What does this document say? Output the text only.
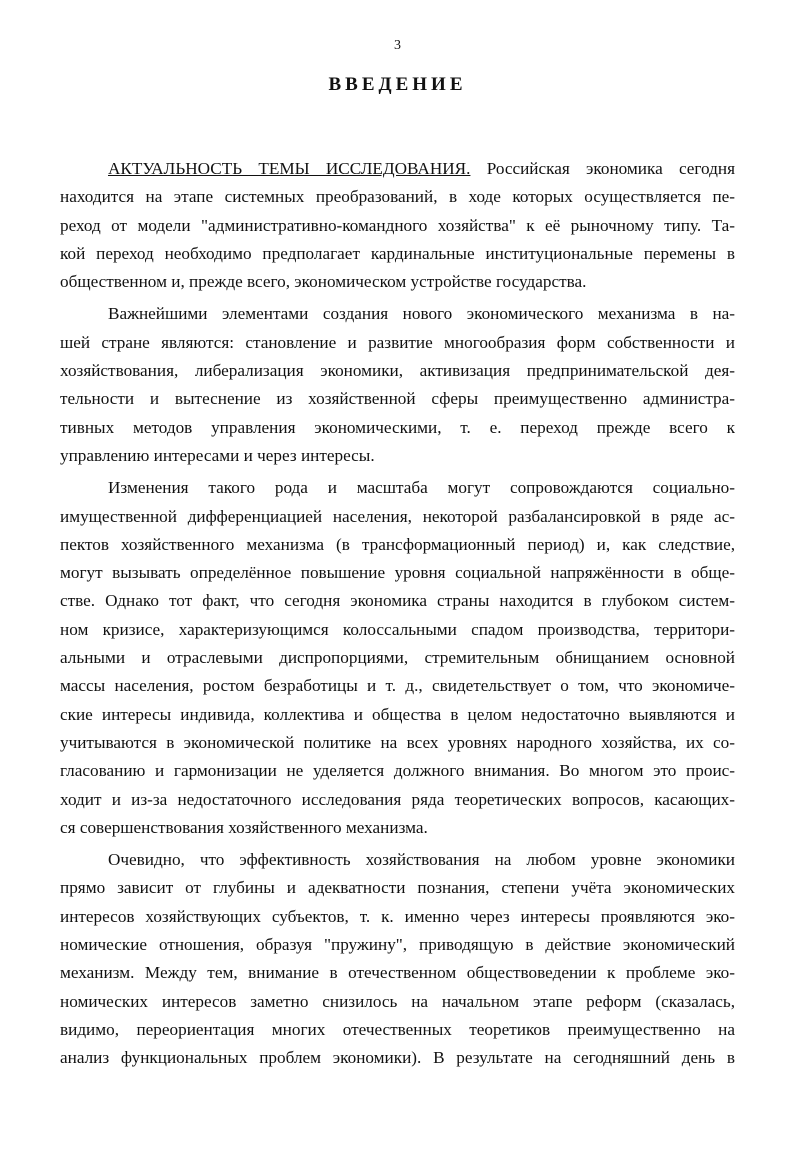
3
ВВЕДЕНИЕ
АКТУАЛЬНОСТЬ ТЕМЫ ИССЛЕДОВАНИЯ. Российская экономика сегодня
находится на этапе системных преобразований, в ходе которых осуществляется пе-
реход от модели "административно-командного хозяйства" к её рыночному типу. Та-
кой переход необходимо предполагает кардинальные институциональные перемены в
общественном и, прежде всего, экономическом устройстве государства.
Важнейшими элементами создания нового экономического механизма в на-
шей стране являются: становление и развитие многообразия форм собственности и
хозяйствования, либерализация экономики, активизация предпринимательской дея-
тельности и вытеснение из хозяйственной сферы преимущественно администра-
тивных методов управления экономическими, т. е. переход прежде всего к
управлению интересами и через интересы.
Изменения такого рода и масштаба могут сопровождаются социально-
имущественной дифференциацией населения, некоторой разбалансировкой в ряде ас-
пектов хозяйственного механизма (в трансформационный период) и, как следствие,
могут вызывать определённое повышение уровня социальной напряжённости в обще-
стве. Однако тот факт, что сегодня экономика страны находится в глубоком систем-
ном кризисе, характеризующимся колоссальными спадом производства, территори-
альными и отраслевыми диспропорциями, стремительным обнищанием основной
массы населения, ростом безработицы и т. д., свидетельствует о том, что экономиче-
ские интересы индивида, коллектива и общества в целом недостаточно выявляются и
учитываются в экономической политике на всех уровнях народного хозяйства, их со-
гласованию и гармонизации не уделяется должного внимания. Во многом это проис-
ходит и из-за недостаточного исследования ряда теоретических вопросов, касающих-
ся совершенствования хозяйственного механизма.
Очевидно, что эффективность хозяйствования на любом уровне экономики
прямо зависит от глубины и адекватности познания, степени учёта экономических
интересов хозяйствующих субъектов, т. к. именно через интересы проявляются эко-
номические отношения, образуя "пружину", приводящую в действие экономический
механизм. Между тем, внимание в отечественном обществоведении к проблеме эко-
номических интересов заметно снизилось на начальном этапе реформ (сказалась,
видимо, переориентация многих отечественных теоретиков преимущественно на
анализ функциональных проблем экономики). В результате на сегодняшний день в
